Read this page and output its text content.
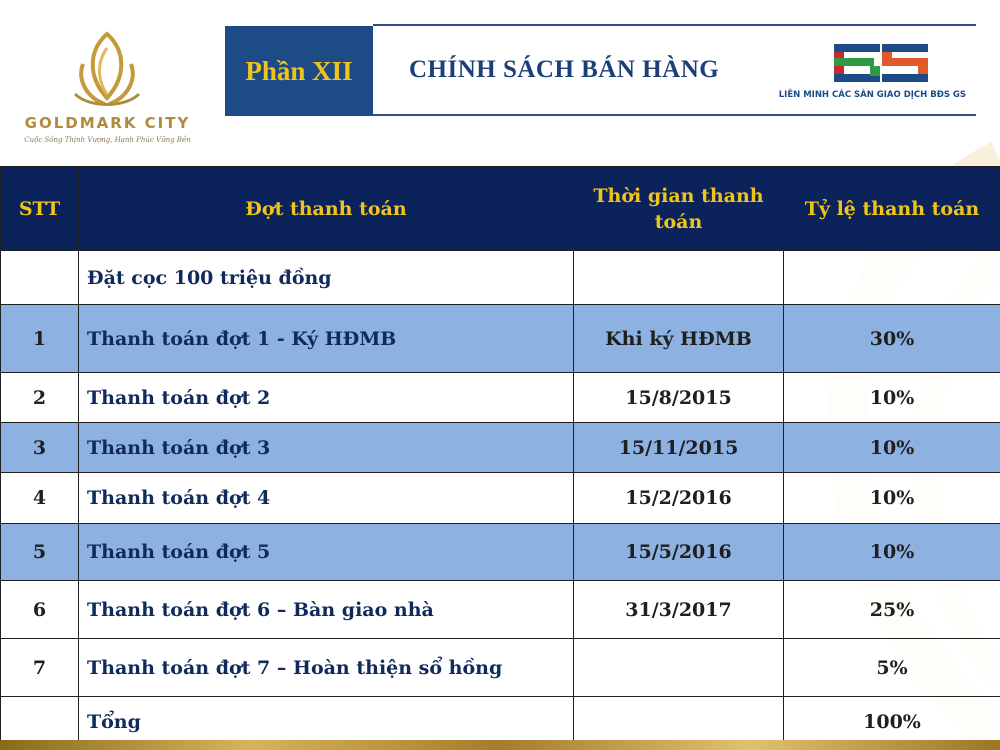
GOLDMARK CITY
Cuộc Sống Thịnh Vượng, Hạnh Phúc Vững Bền
Phần XII CHÍNH SÁCH BÁN HÀNG
LIÊN MINH CÁC SÀN GIAO DỊCH BĐS GS
STT	Đợt thanh toán	Thời gian thanh toán	Tỷ lệ thanh toán
	Đặt cọc 100 triệu đồng		
1	Thanh toán đợt 1 - Ký HĐMB	Khi ký HĐMB	30%
2	Thanh toán đợt 2	15/8/2015	10%
3	Thanh toán đợt 3	15/11/2015	10%
4	Thanh toán đợt 4	15/2/2016	10%
5	Thanh toán đợt 5	15/5/2016	10%
6	Thanh toán đợt 6 – Bàn giao nhà	31/3/2017	25%
7	Thanh toán đợt 7 – Hoàn thiện sổ hồng		5%
	Tổng		100%
